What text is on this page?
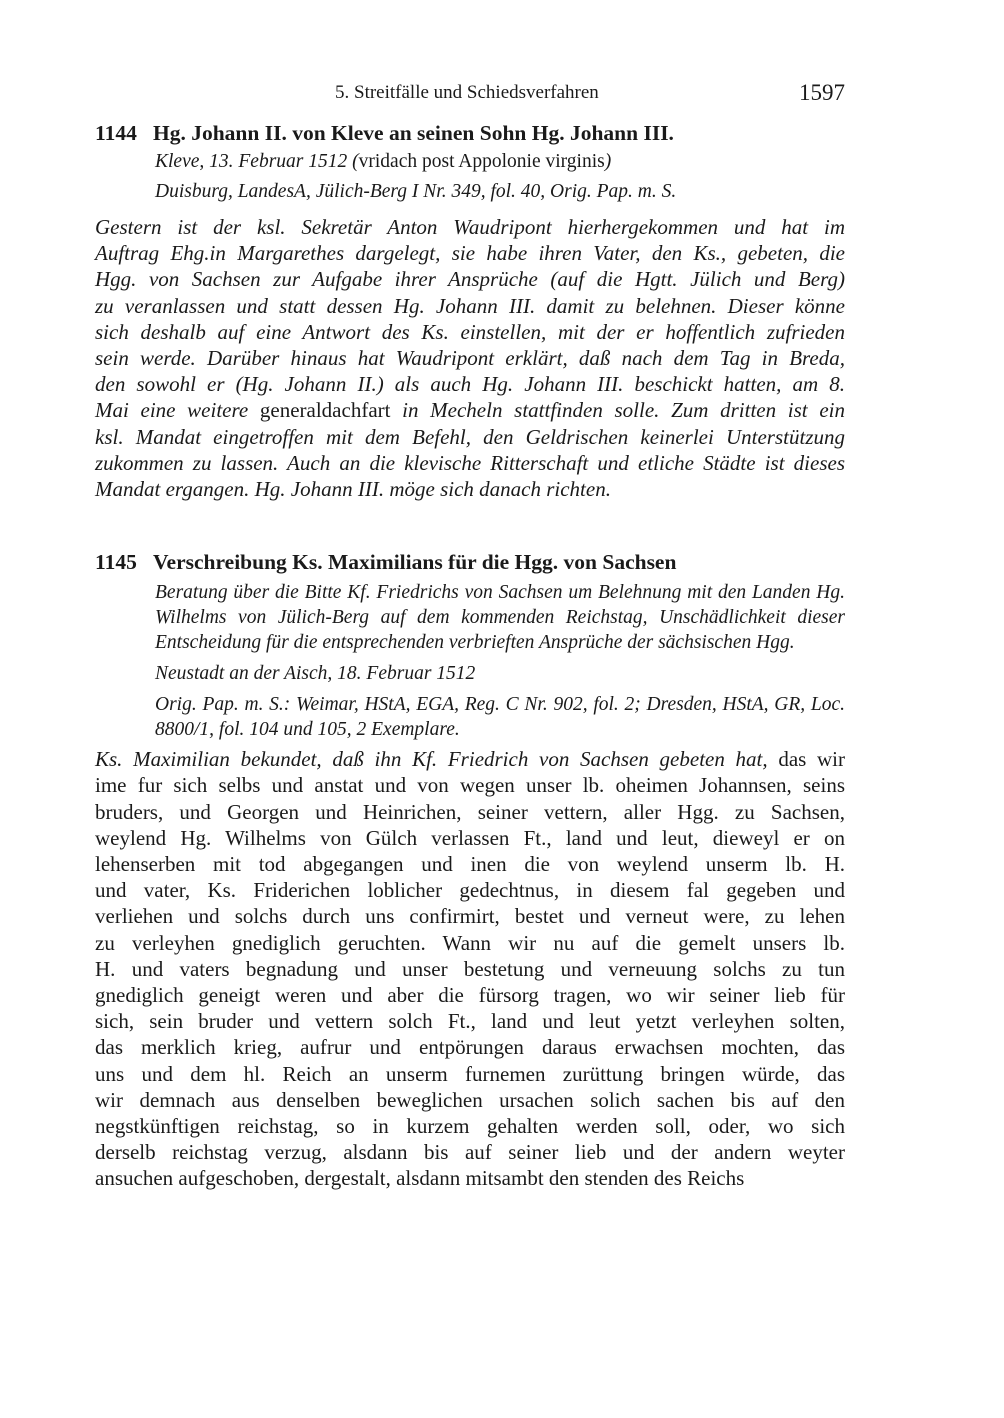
5. Streitfälle und Schiedsverfahren	1597
1144 Hg. Johann II. von Kleve an seinen Sohn Hg. Johann III.
Kleve, 13. Februar 1512 (vridach post Appolonie virginis)
Duisburg, LandesA, Jülich-Berg I Nr. 349, fol. 40, Orig. Pap. m. S.

Gestern ist der ksl. Sekretär Anton Waudripont hierhergekommen und hat im

Auftrag Ehg.in Margarethes dargelegt, sie habe ihren Vater, den Ks., gebeten, die

Hgg. von Sachsen zur Aufgabe ihrer Ansprüche (auf die Hgtt. Jülich und Berg)

zu veranlassen und statt dessen Hg. Johann III. damit zu belehnen. Dieser könne

sich deshalb auf eine Antwort des Ks. einstellen, mit der er hoffentlich zufrieden

sein werde. Darüber hinaus hat Waudripont erklärt, daß nach dem Tag in Breda,

den sowohl er (Hg. Johann II.) als auch Hg. Johann III. beschickt hatten, am 8.

Mai eine weitere generaldachfart in Mecheln stattfinden solle. Zum dritten ist ein

ksl. Mandat eingetroffen mit dem Befehl, den Geldrischen keinerlei Unterstützung

zukommen zu lassen. Auch an die klevische Ritterschaft und etliche Städte ist dieses

Mandat ergangen. Hg. Johann III. möge sich danach richten.

1145 Verschreibung Ks. Maximilians für die Hgg. von Sachsen
Beratung über die Bitte Kf. Friedrichs von Sachsen um Belehnung mit den Landen Hg. Wilhelms von Jülich-Berg auf dem kommenden Reichstag, Unschädlichkeit dieser Entscheidung für die entsprechenden verbrieften Ansprüche der sächsischen Hgg.
Neustadt an der Aisch, 18. Februar 1512
Orig. Pap. m. S.: Weimar, HStA, EGA, Reg. C Nr. 902, fol. 2; Dresden, HStA, GR, Loc. 8800/1, fol. 104 und 105, 2 Exemplare.

Ks. Maximilian bekundet, daß ihn Kf. Friedrich von Sachsen gebeten hat, das wir

ime fur sich selbs und anstat und von wegen unser lb. oheimen Johannsen, seins

bruders, und Georgen und Heinrichen, seiner vettern, aller Hgg. zu Sachsen,

weylend Hg. Wilhelms von Gülch verlassen Ft., land und leut, dieweyl er on

lehenserben mit tod abgegangen und inen die von weylend unserm lb. H.

und vater, Ks. Friderichen loblicher gedechtnus, in diesem fal gegeben und

verliehen und solchs durch uns confirmirt, bestet und verneut were, zu lehen

zu verleyhen gnediglich geruchten. Wann wir nu auf die gemelt unsers lb.

H. und vaters begnadung und unser bestetung und verneuung solchs zu tun

gnediglich geneigt weren und aber die fürsorg tragen, wo wir seiner lieb für

sich, sein bruder und vettern solch Ft., land und leut yetzt verleyhen solten,

das merklich krieg, aufrur und entpörungen daraus erwachsen mochten, das

uns und dem hl. Reich an unserm furnemen zurüttung bringen würde, das

wir demnach aus denselben beweglichen ursachen solich sachen bis auf den

negstkünftigen reichstag, so in kurzem gehalten werden soll, oder, wo sich

derselb reichstag verzug, alsdann bis auf seiner lieb und der andern weyter

ansuchen aufgeschoben, dergestalt, alsdann mitsambt den stenden des Reichs
